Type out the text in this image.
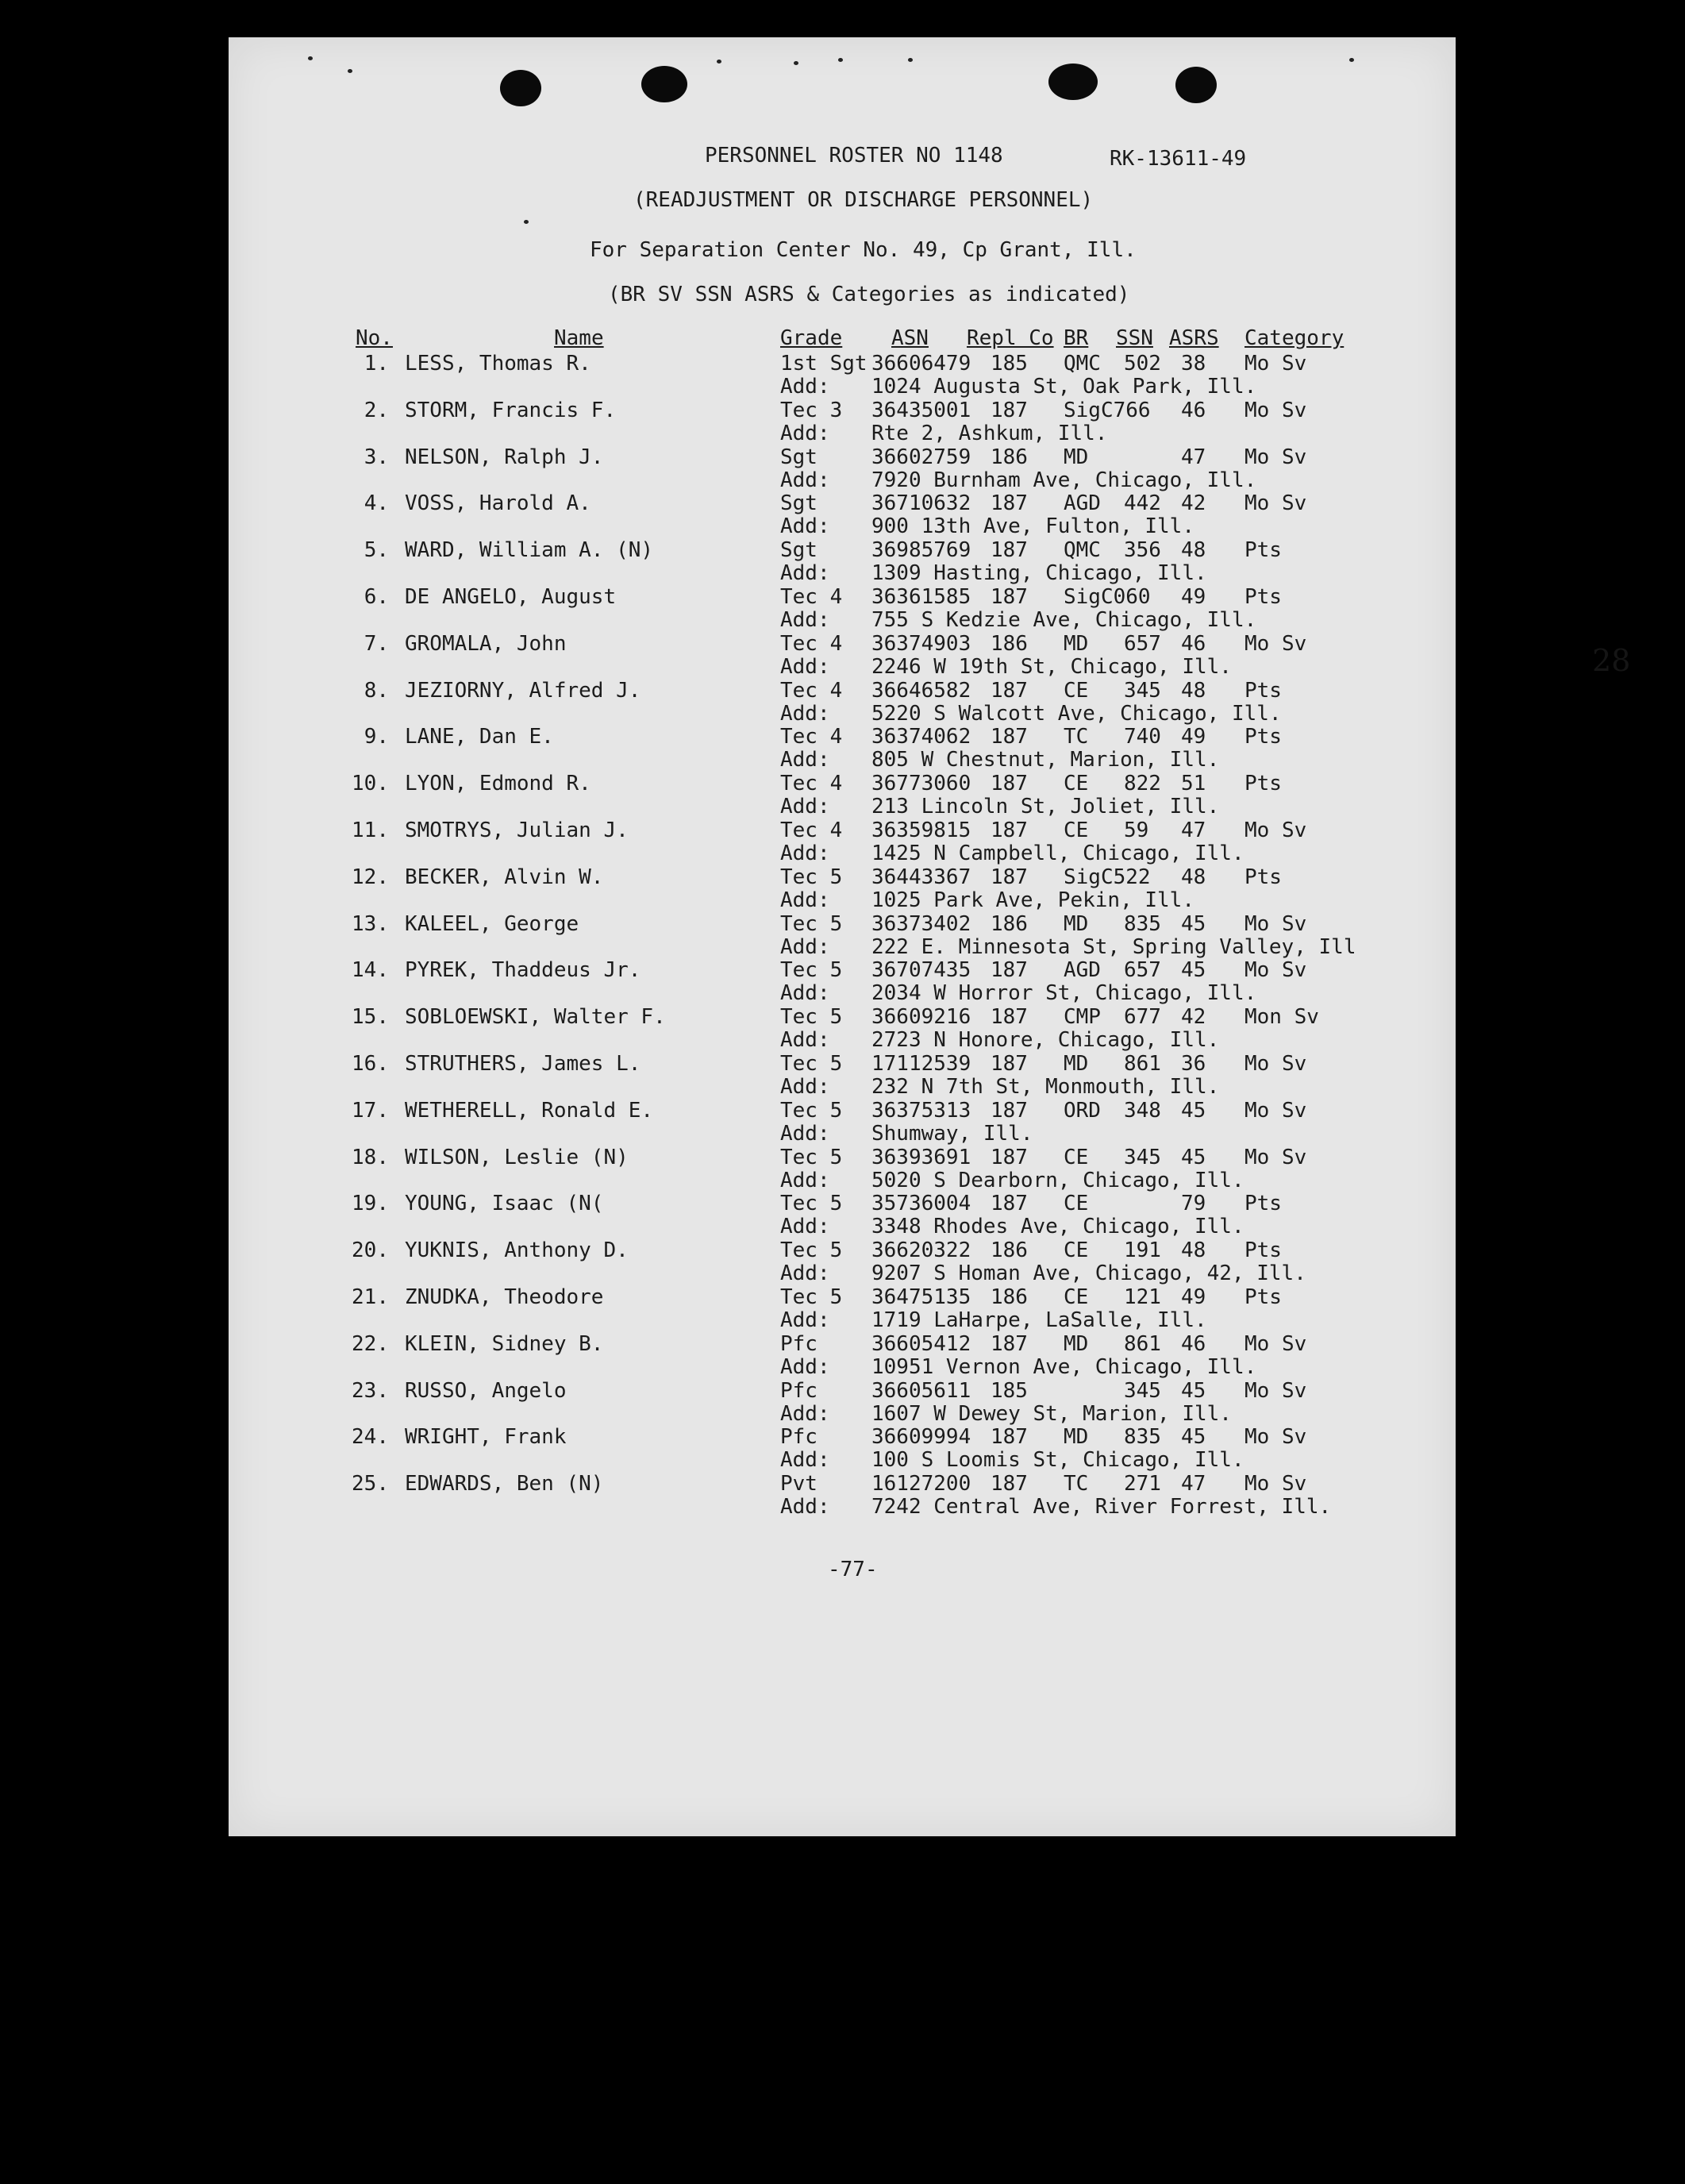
PERSONNEL ROSTER NO 1148	RK-13611-49
(READJUSTMENT OR DISCHARGE PERSONNEL)
For Separation Center No. 49, Cp Grant, Ill.
(BR SV SSN ASRS & Categories as indicated)
No.	Name	Grade ASN Repl Co BR SSN ASRS Category
1. LESS, Thomas R.	1st Sgt 36606479 185 QMC 502 38 Mo Sv
Add: 1024 Augusta St, Oak Park, Ill.
2. STORM, Francis F.	Tec 3 36435001 187 SigC766 46 Mo Sv
Add: Rte 2, Ashkum, Ill.
3. NELSON, Ralph J.	Sgt	36602759 186 MD	47 Mo Sv
Add: 7920 Burnham Ave, Chicago, Ill.
4. VOSS, Harold A.	Sgt	36710632 187 AGD 442 42 Mo Sv
Add: 900 13th Ave, Fulton, Ill.
5. WARD, William A. (N)	Sgt	36985769 187 QMC 356 48 Pts
Add: 1309 Hasting, Chicago, Ill.
6. DE ANGELO, August	Tec 4 36361585 187 SigC060 49 Pts
Add: 755 S Kedzie Ave, Chicago, Ill.
7. GROMALA, John	Tec 4 36374903 186 MD 657 46 Mo Sv
Add: 2246 W 19th St, Chicago, Ill.
8. JEZIORNY, Alfred J.	Tec 4 36646582 187 CE 345 48 Pts
Add: 5220 S Walcott Ave, Chicago, Ill.
9. LANE, Dan E.	Tec 4 36374062 187 TC 740 49 Pts
Add: 805 W Chestnut, Marion, Ill.
10. LYON, Edmond R.	Tec 4 36773060 187 CE 822 51 Pts
Add: 213 Lincoln St, Joliet, Ill.
11. SMOTRYS, Julian J.	Tec 4 36359815 187 CE 59 47 Mo Sv
Add: 1425 N Campbell, Chicago, Ill.
12. BECKER, Alvin W.	Tec 5 36443367 187 SigC522 48 Pts
Add: 1025 Park Ave, Pekin, Ill.
13. KALEEL, George	Tec 5 36373402 186 MD 835 45 Mo Sv
Add: 222 E. Minnesota St, Spring Valley, Ill
14. PYREK, Thaddeus Jr.	Tec 5 36707435 187 AGD 657 45 Mo Sv
Add: 2034 W Horror St, Chicago, Ill.
15. SOBLOEWSKI, Walter F.	Tec 5 36609216 187 CMP 677 42 Mon Sv
Add: 2723 N Honore, Chicago, Ill.
16. STRUTHERS, James L.	Tec 5 17112539 187 MD 861 36 Mo Sv
Add: 232 N 7th St, Monmouth, Ill.
17. WETHERELL, Ronald E.	Tec 5 36375313 187 ORD 348 45 Mo Sv
Add: Shumway, Ill.
18. WILSON, Leslie (N)	Tec 5 36393691 187 CE 345 45 Mo Sv
Add: 5020 S Dearborn, Chicago, Ill.
19. YOUNG, Isaac (N(	Tec 5 35736004 187 CE	79 Pts
Add: 3348 Rhodes Ave, Chicago, Ill.
20. YUKNIS, Anthony D.	Tec 5 36620322 186 CE 191 48 Pts
Add: 9207 S Homan Ave, Chicago, 42, Ill.
21. ZNUDKA, Theodore	Tec 5 36475135 186 CE 121 49 Pts
Add: 1719 LaHarpe, LaSalle, Ill.
22. KLEIN, Sidney B.	Pfc	36605412 187 MD 861 46 Mo Sv
Add: 10951 Vernon Ave, Chicago, Ill.
23. RUSSO, Angelo	Pfc	36605611 185	345 45 Mo Sv
Add: 1607 W Dewey St, Marion, Ill.
24. WRIGHT, Frank	Pfc	36609994 187 MD 835 45 Mo Sv
Add: 100 S Loomis St, Chicago, Ill.
25. EDWARDS, Ben (N)	Pvt	16127200 187 TC 271 47 Mo Sv
Add: 7242 Central Ave, River Forrest, Ill.
28
-77-
